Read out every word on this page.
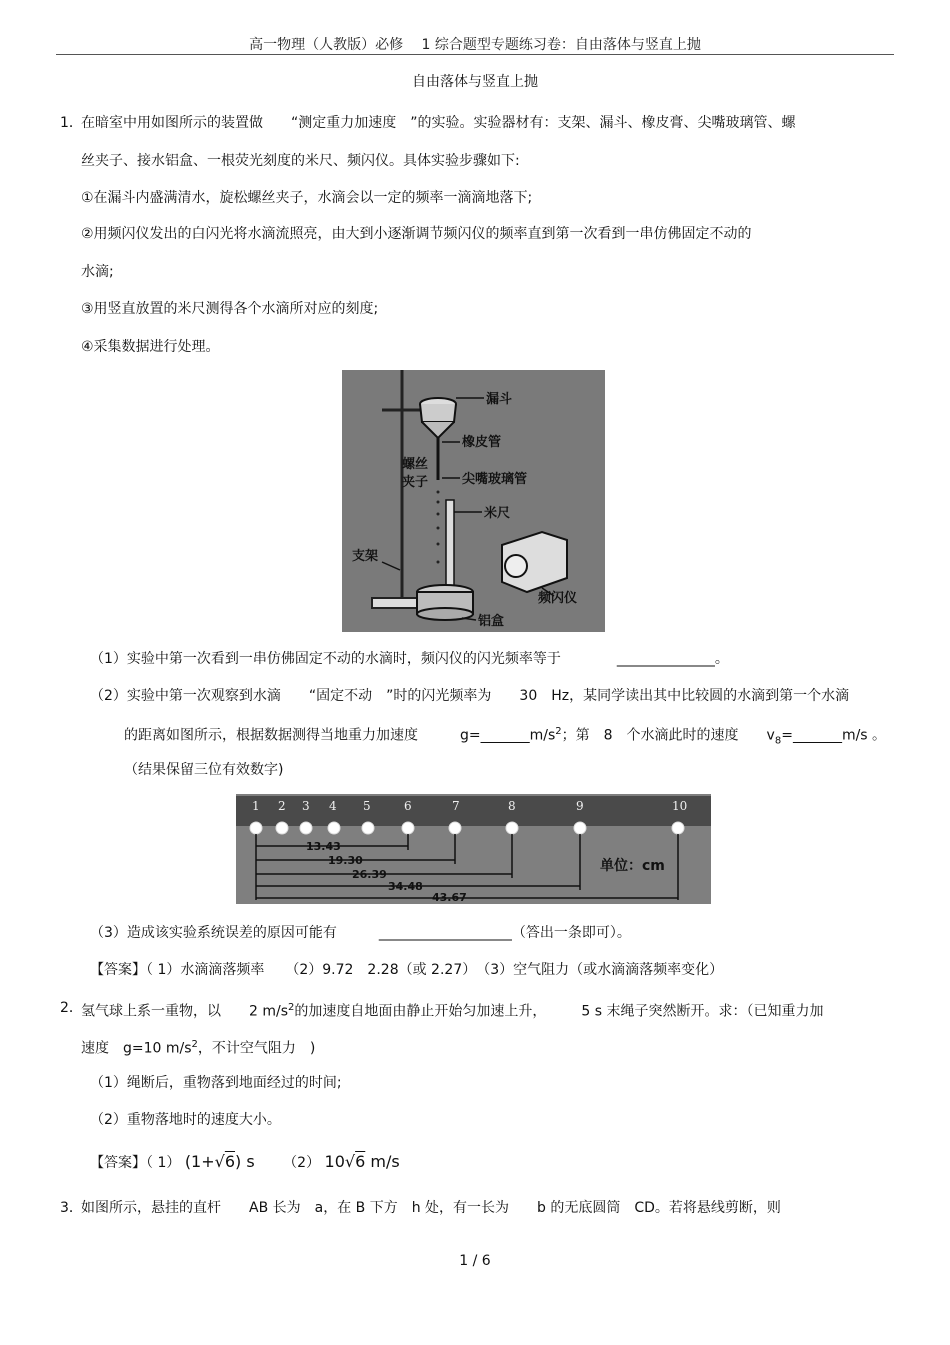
高一物理（人教版）必修　 1 综合题型专题练习卷：自由落体与竖直上抛
自由落体与竖直上抛
1．
在暗室中用如图所示的装置做　　“测定重力加速度　”的实验。实验器材有：支架、漏斗、橡皮膏、尖嘴玻璃管、螺
丝夹子、接水铝盒、一根荧光刻度的米尺、频闪仪。具体实验步骤如下:
①在漏斗内盛满清水，旋松螺丝夹子，水滴会以一定的频率一滴滴地落下;
②用频闪仪发出的白闪光将水滴流照亮，由大到小逐渐调节频闪仪的频率直到第一次看到一串仿佛固定不动的
水滴;
③用竖直放置的米尺测得各个水滴所对应的刻度;
④采集数据进行处理。
漏斗
橡皮管
螺丝
夹子	尖嘴玻璃管
米尺
支架
频闪仪
铝盒
（1）实验中第一次看到一串仿佛固定不动的水滴时，频闪仪的闪光频率等于　　　　______________。
（2）实验中第一次观察到水滴　　“固定不动　”时的闪光频率为　　30　Hz，某同学读出其中比较圆的水滴到第一个水滴
的距离如图所示，根据数据测得当地重力加速度　　　$g=\_\_\_\_\_\_\_m/s^2$；第　8　个水滴此时的速度　　$v_8=\_\_\_\_\_\_\_m/s$ 。
（结果保留三位有效数字)
1 2 3 4 5	6	7	8	9	10
13.43
19.30
26.39
34.48
43.67
单位：cm
（3）造成该实验系统误差的原因可能有　　　___________________（答出一条即可）。
【答案】（ 1）水滴滴落频率　　（2）9.72　2.28（或 2.27）　（3）空气阻力（或水滴滴落频率变化）
2．
氢气球上系一重物，以　　2 $m/s^2$的加速度自地面由静止开始匀加速上升，　　　5 s 末绳子突然断开。求：（已知重力加
速度　g=10 $m/s^2$，不计空气阻力　)
（1）绳断后，重物落到地面经过的时间;
（2）重物落地时的速度大小。
【答案】（ 1） (1+√6) s （2） 10√6 m/s
3．
如图所示，悬挂的直杆　　AB 长为　a，在 B 下方　h 处，有一长为　　b 的无底圆筒　CD。若将悬线剪断，则
1 / 6
